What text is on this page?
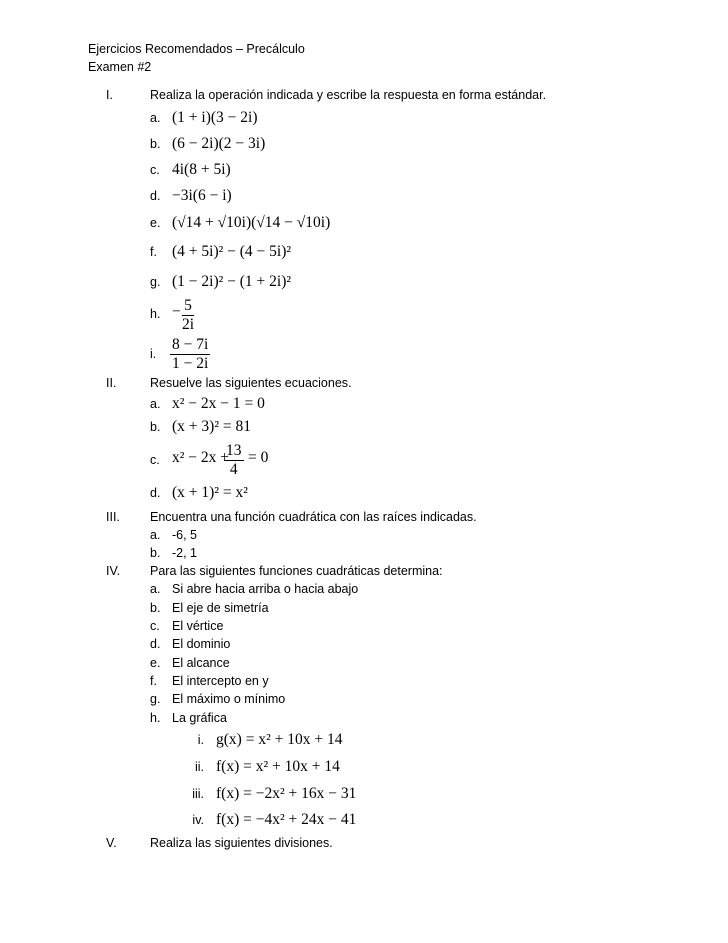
Ejercicios Recomendados – Precálculo
Examen #2
I.	Realiza la operación indicada y escribe la respuesta en forma estándar.
a. (1 + i)(3 − 2i)
b. (6 − 2i)(2 − 3i)
c. 4i(8 + 5i)
d. −3i(6 − i)
e. (√14 + √10i)(√14 − √10i)
f. (4 + 5i)² − (4 − 5i)²
g. (1 − 2i)² − (1 + 2i)²
h. − $\frac{5}{2i}$
i. $\frac{8 - 7i}{1 - 2i}$
II.	Resuelve las siguientes ecuaciones.
a. x² − 2x − 1 = 0
b. (x + 3)² = 81
c. x² − 2x +
$\frac{13}{4} = 0$
d. (x + 1)² = x²
III.	Encuentra una función cuadrática con las raíces indicadas.
a. -6, 5
b. -2, 1
IV.	Para las siguientes funciones cuadráticas determina:
a. Si abre hacia arriba o hacia abajo
b. El eje de simetría
c. El vértice
d. El dominio
e. El alcance
f. El intercepto en y
g. El máximo o mínimo
h. La gráfica
i. g(x) = x² + 10x + 14
ii. f(x) = x² + 10x + 14
iii. f(x) = −2x² + 16x − 31
iv. f(x) = −4x² + 24x − 41
V.	Realiza las siguientes divisiones.
